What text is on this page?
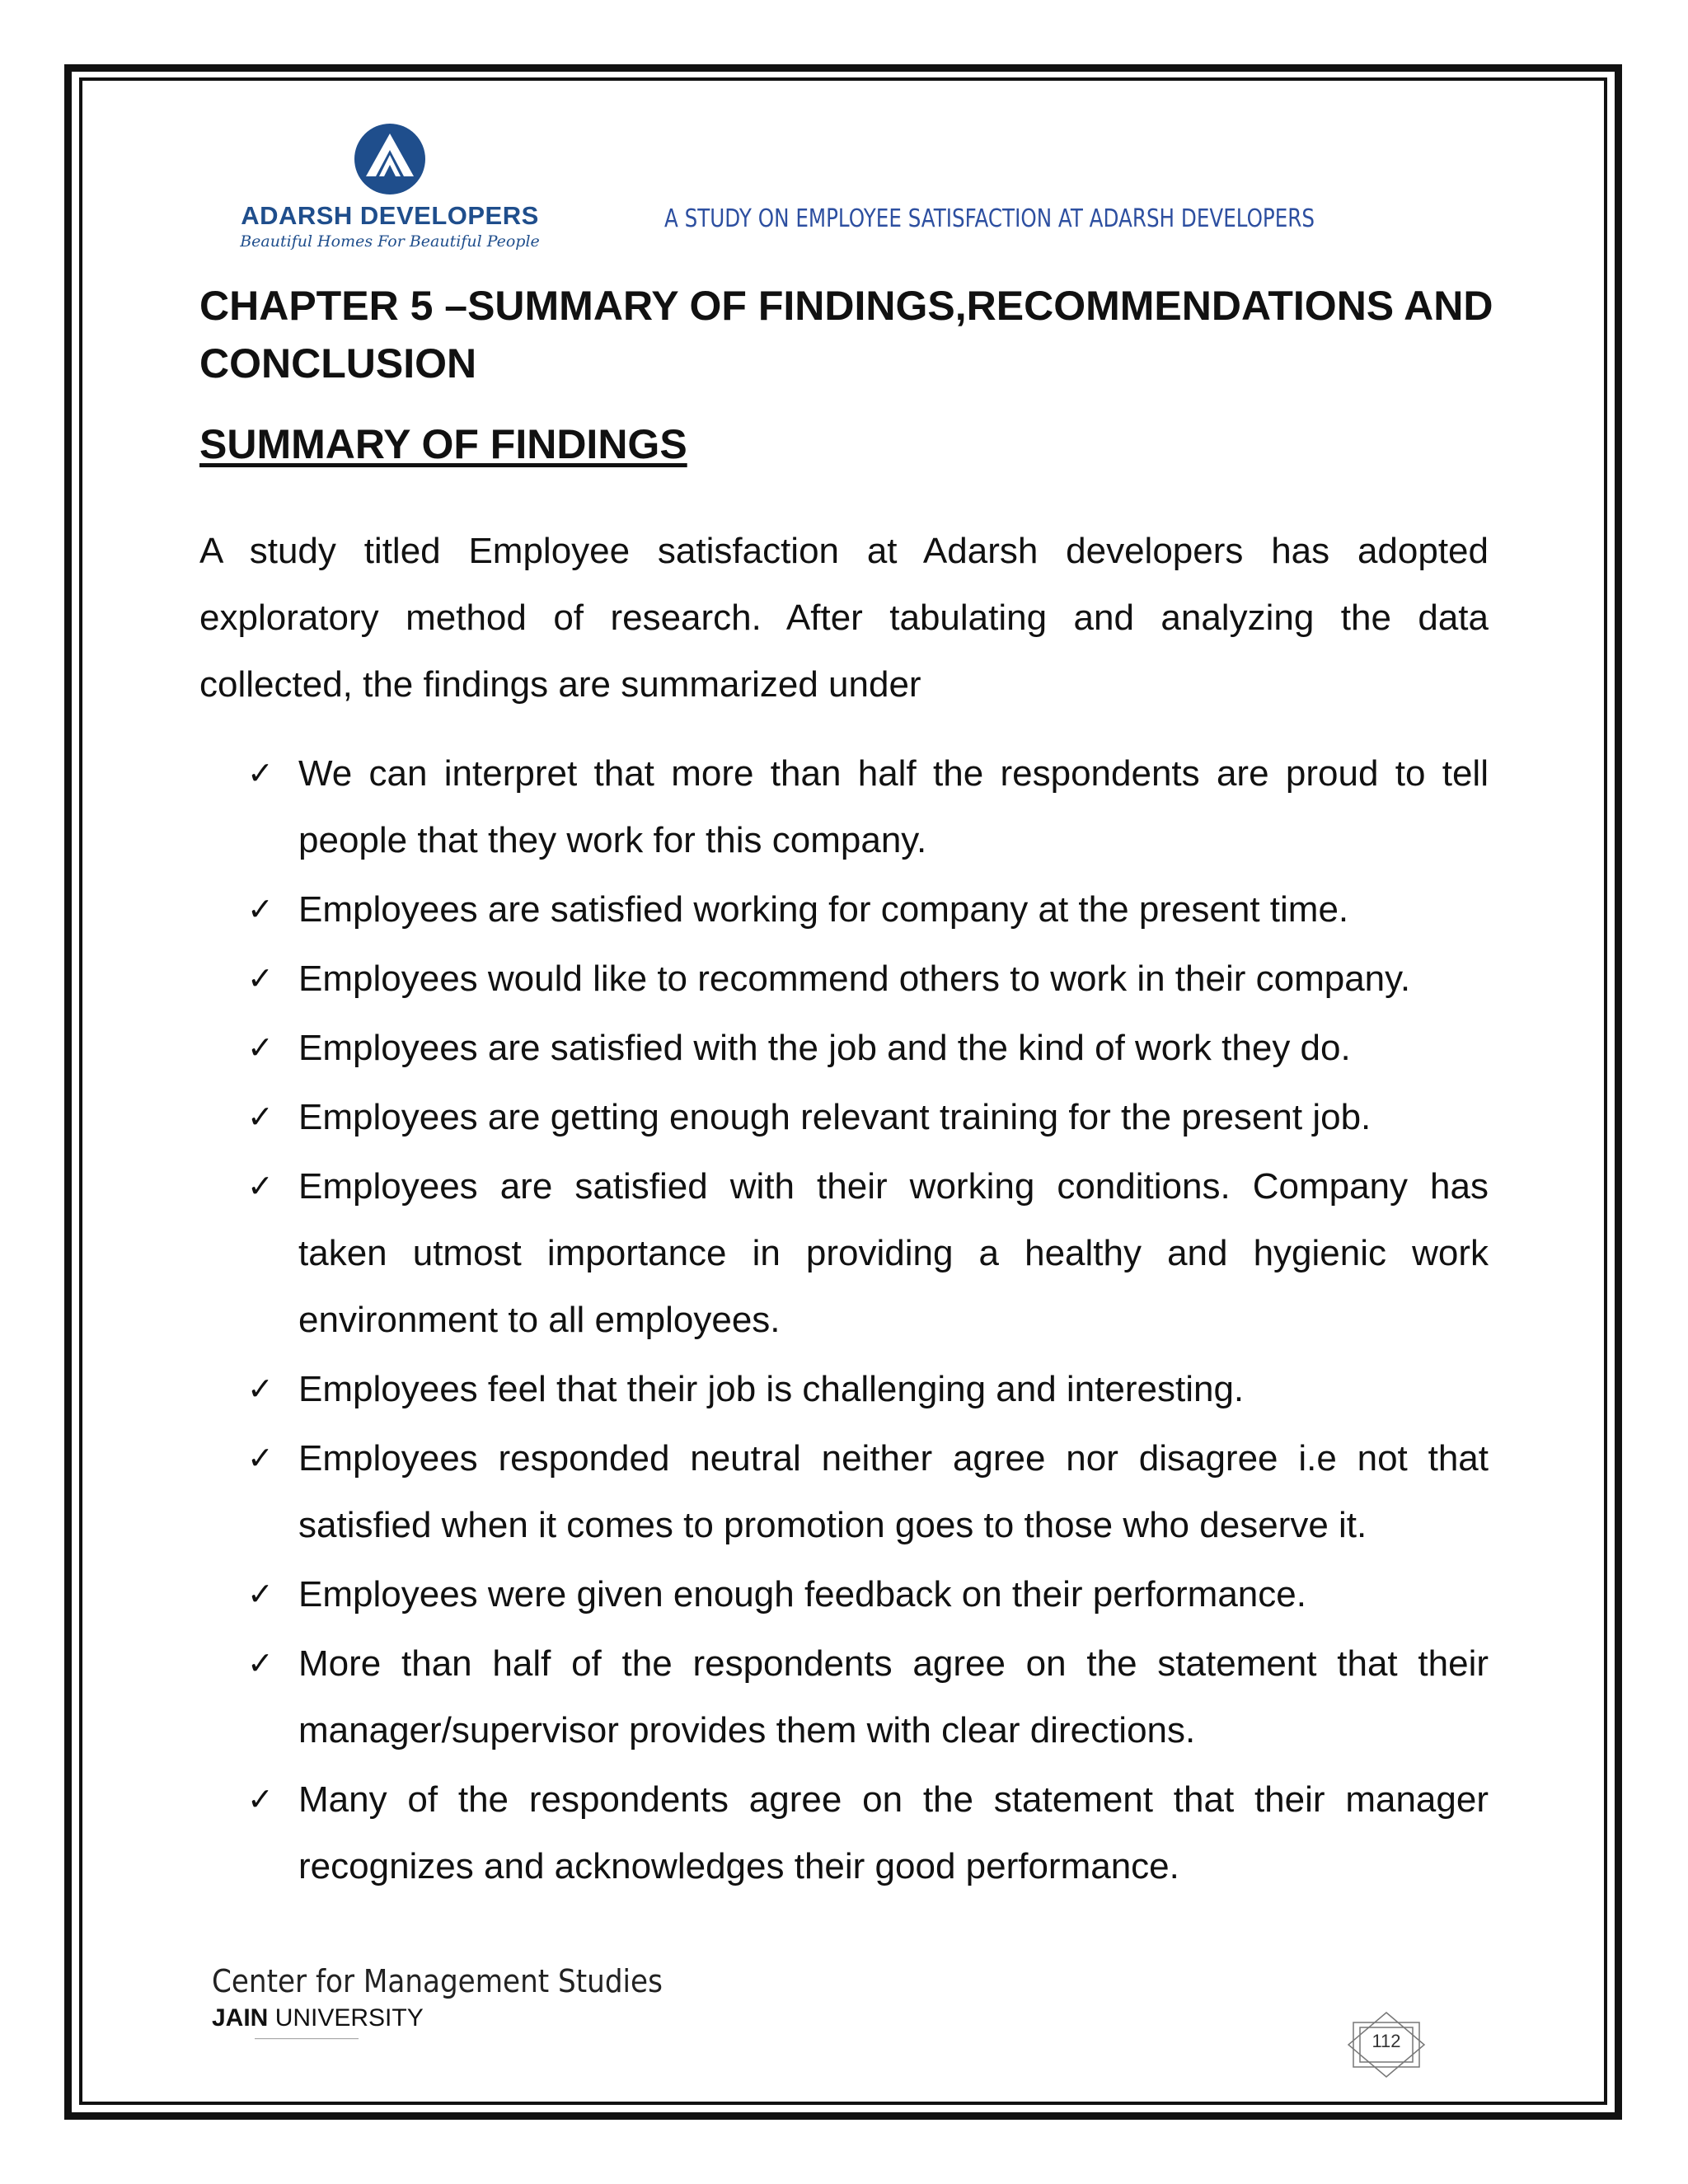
ADARSH DEVELOPERS
Beautiful Homes For Beautiful People
A STUDY ON EMPLOYEE SATISFACTION AT ADARSH DEVELOPERS
CHAPTER 5 –SUMMARY OF FINDINGS,RECOMMENDATIONS AND CONCLUSION
SUMMARY OF FINDINGS

A study titled Employee satisfaction at Adarsh developers has adopted exploratory method of research. After tabulating and analyzing the data collected, the findings are summarized under

✓ We can interpret that more than half the respondents are proud to tell people that they work for this company.
✓ Employees are satisfied working for company at the present time.
✓ Employees would like to recommend others to work in their company.
✓ Employees are satisfied with the job and the kind of work they do.
✓ Employees are getting enough relevant training for the present job.
✓ Employees are satisfied with their working conditions. Company has taken utmost importance in providing a healthy and hygienic work environment to all employees.
✓ Employees feel that their job is challenging and interesting.
✓ Employees responded neutral neither agree nor disagree i.e not that satisfied when it comes to promotion goes to those who deserve it.
✓ Employees were given enough feedback on their performance.
✓ More than half of the respondents agree on the statement that their manager/supervisor provides them with clear directions.
✓ Many of the respondents agree on the statement that their manager recognizes and acknowledges their good performance.
Center for Management Studies
JAIN UNIVERSITY
——————————————	112
